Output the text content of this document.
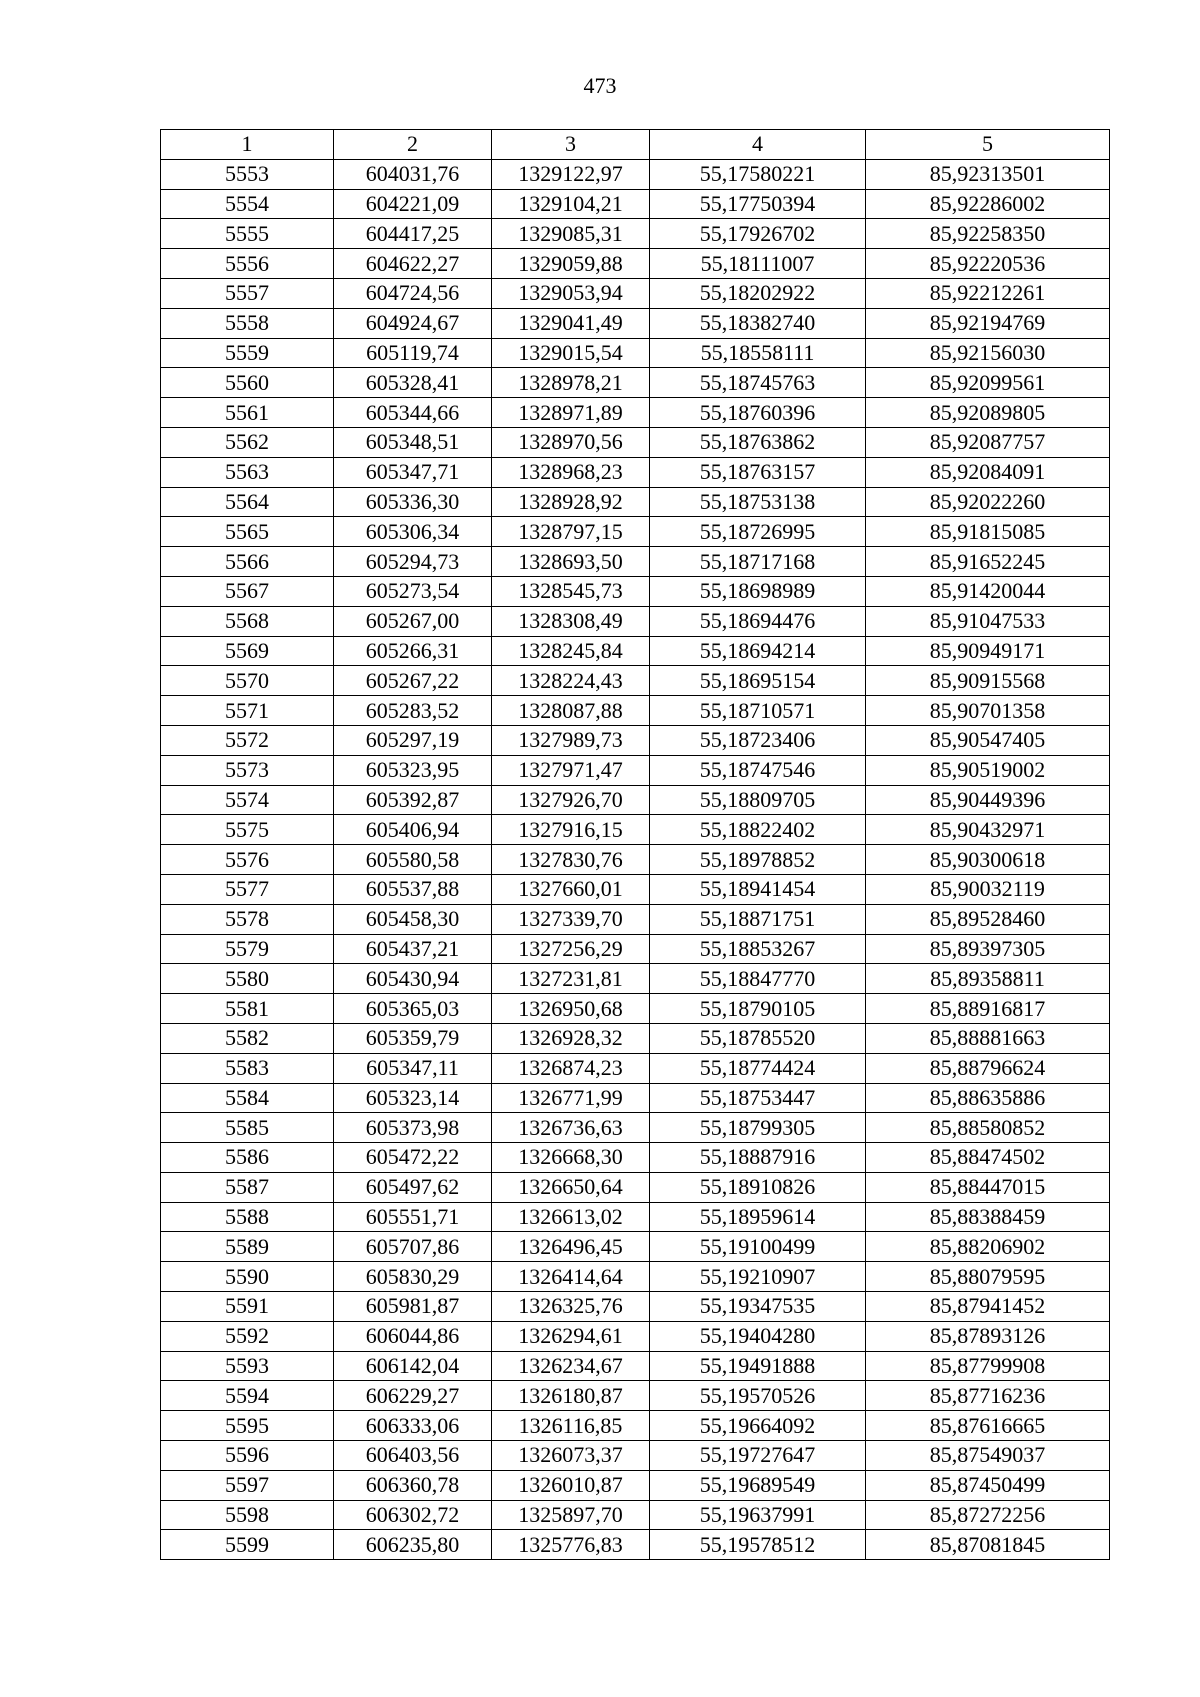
473
1	2	3	4	5
5553	604031,76	1329122,97	55,17580221	85,92313501
5554	604221,09	1329104,21	55,17750394	85,92286002
5555	604417,25	1329085,31	55,17926702	85,92258350
5556	604622,27	1329059,88	55,18111007	85,92220536
5557	604724,56	1329053,94	55,18202922	85,92212261
5558	604924,67	1329041,49	55,18382740	85,92194769
5559	605119,74	1329015,54	55,18558111	85,92156030
5560	605328,41	1328978,21	55,18745763	85,92099561
5561	605344,66	1328971,89	55,18760396	85,92089805
5562	605348,51	1328970,56	55,18763862	85,92087757
5563	605347,71	1328968,23	55,18763157	85,92084091
5564	605336,30	1328928,92	55,18753138	85,92022260
5565	605306,34	1328797,15	55,18726995	85,91815085
5566	605294,73	1328693,50	55,18717168	85,91652245
5567	605273,54	1328545,73	55,18698989	85,91420044
5568	605267,00	1328308,49	55,18694476	85,91047533
5569	605266,31	1328245,84	55,18694214	85,90949171
5570	605267,22	1328224,43	55,18695154	85,90915568
5571	605283,52	1328087,88	55,18710571	85,90701358
5572	605297,19	1327989,73	55,18723406	85,90547405
5573	605323,95	1327971,47	55,18747546	85,90519002
5574	605392,87	1327926,70	55,18809705	85,90449396
5575	605406,94	1327916,15	55,18822402	85,90432971
5576	605580,58	1327830,76	55,18978852	85,90300618
5577	605537,88	1327660,01	55,18941454	85,90032119
5578	605458,30	1327339,70	55,18871751	85,89528460
5579	605437,21	1327256,29	55,18853267	85,89397305
5580	605430,94	1327231,81	55,18847770	85,89358811
5581	605365,03	1326950,68	55,18790105	85,88916817
5582	605359,79	1326928,32	55,18785520	85,88881663
5583	605347,11	1326874,23	55,18774424	85,88796624
5584	605323,14	1326771,99	55,18753447	85,88635886
5585	605373,98	1326736,63	55,18799305	85,88580852
5586	605472,22	1326668,30	55,18887916	85,88474502
5587	605497,62	1326650,64	55,18910826	85,88447015
5588	605551,71	1326613,02	55,18959614	85,88388459
5589	605707,86	1326496,45	55,19100499	85,88206902
5590	605830,29	1326414,64	55,19210907	85,88079595
5591	605981,87	1326325,76	55,19347535	85,87941452
5592	606044,86	1326294,61	55,19404280	85,87893126
5593	606142,04	1326234,67	55,19491888	85,87799908
5594	606229,27	1326180,87	55,19570526	85,87716236
5595	606333,06	1326116,85	55,19664092	85,87616665
5596	606403,56	1326073,37	55,19727647	85,87549037
5597	606360,78	1326010,87	55,19689549	85,87450499
5598	606302,72	1325897,70	55,19637991	85,87272256
5599	606235,80	1325776,83	55,19578512	85,87081845
